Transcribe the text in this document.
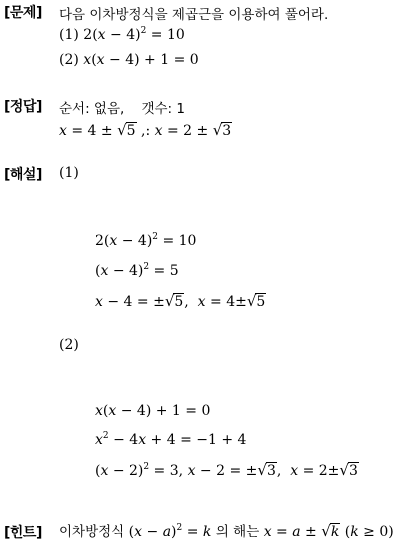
[문제] 다음 이차방정식을 제곱근을 이용하여 풀어라.
(1) $2(x - 4)^2 = 10$
(2) x(x − 4) + 1 = 0
[정답] 순서: 없음,    갯수: 1
x = 4 ± √5 ,: x = 2 ± √3
[해설] (1)
$2(x - 4)^2 = 10$
$(x - 4)^2 = 5$
x − 4 = ±√5,  x = 4±√5
(2)
x(x − 4) + 1 = 0
$x^2 - 4x + 4 = -1 + 4$
$(x - 2)^2 = 3$, x − 2 = ±√3,  x = 2±√3
[힌트] 이차방정식 $(x - a)^2 = k$ 의 해는 x = a ± √k (k ≥ 0)
